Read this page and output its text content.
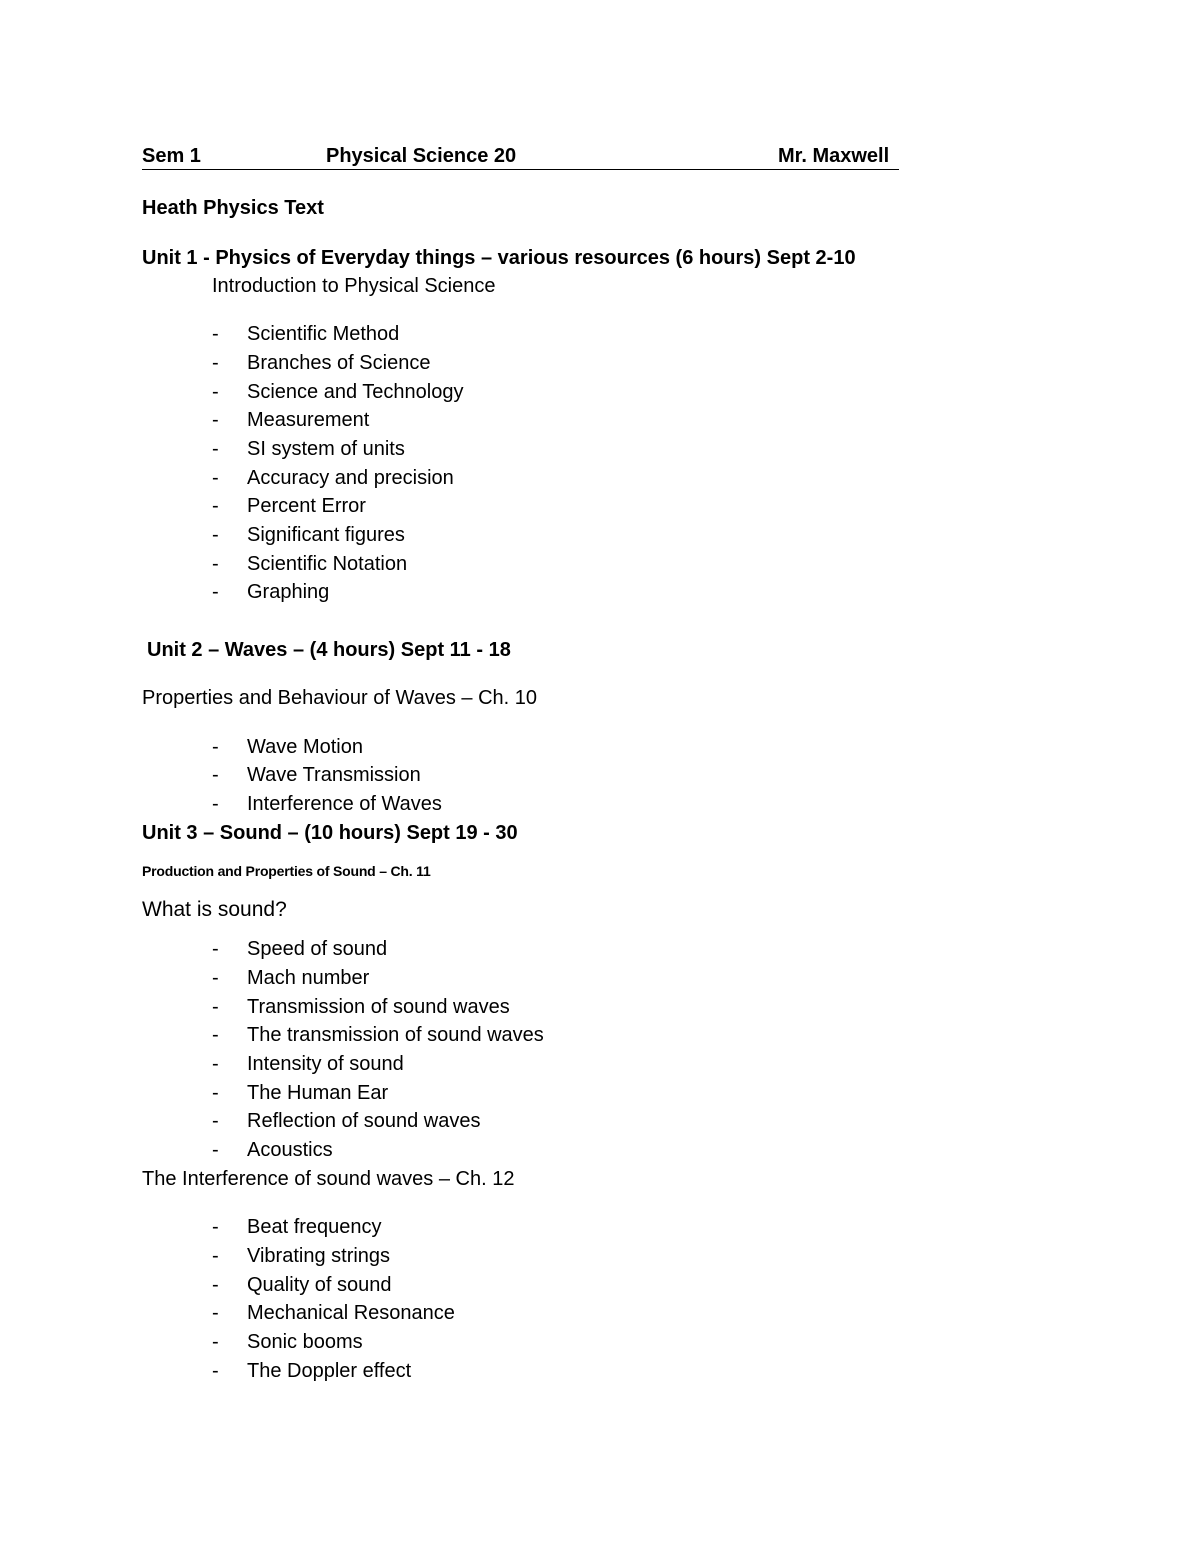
Sem 1	Physical Science 20	Mr. Maxwell
Heath Physics Text
Unit 1 - Physics of Everyday things – various resources (6 hours) Sept 2-10
Introduction to Physical Science
- Scientific Method
- Branches of Science
- Science and Technology
- Measurement
- SI system of units
- Accuracy and precision
- Percent Error
- Significant figures
- Scientific Notation
- Graphing
Unit 2 – Waves – (4 hours) Sept 11 - 18
Properties and Behaviour of Waves – Ch. 10
- Wave Motion
- Wave Transmission
- Interference of Waves
Unit 3 – Sound – (10 hours) Sept 19 - 30
Production and Properties of Sound – Ch. 11
What is sound?
- Speed of sound
- Mach number
- Transmission of sound waves
- The transmission of sound waves
- Intensity of sound
- The Human Ear
- Reflection of sound waves
- Acoustics
The Interference of sound waves – Ch. 12
- Beat frequency
- Vibrating strings
- Quality of sound
- Mechanical Resonance
- Sonic booms
- The Doppler effect
